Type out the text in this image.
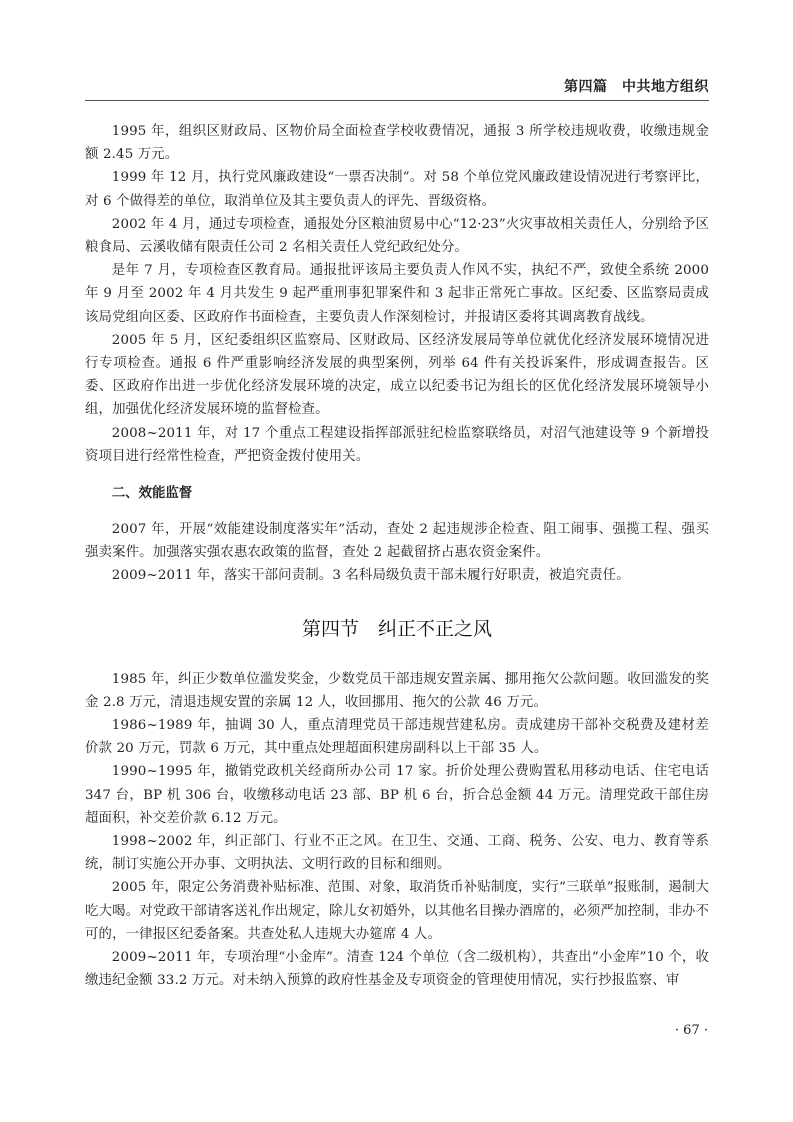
第四篇　中共地方组织

1995 年，组织区财政局、区物价局全面检查学校收费情况，通报 3 所学校违规收费，收缴违规金额 2.45 万元。

1999 年 12 月，执行党风廉政建设“一票否决制”。对 58 个单位党风廉政建设情况进行考察评比，对 6 个做得差的单位，取消单位及其主要负责人的评先、晋级资格。

2002 年 4 月，通过专项检查，通报处分区粮油贸易中心“12·23”火灾事故相关责任人，分别给予区粮食局、云溪收储有限责任公司 2 名相关责任人党纪政纪处分。

是年 7 月，专项检查区教育局。通报批评该局主要负责人作风不实，执纪不严，致使全系统 2000 年 9 月至 2002 年 4 月共发生 9 起严重刑事犯罪案件和 3 起非正常死亡事故。区纪委、区监察局责成该局党组向区委、区政府作书面检查，主要负责人作深刻检讨，并报请区委将其调离教育战线。

2005 年 5 月，区纪委组织区监察局、区财政局、区经济发展局等单位就优化经济发展环境情况进行专项检查。通报 6 件严重影响经济发展的典型案例，列举 64 件有关投诉案件，形成调查报告。区委、区政府作出进一步优化经济发展环境的决定，成立以纪委书记为组长的区优化经济发展环境领导小组，加强优化经济发展环境的监督检查。

2008~2011 年，对 17 个重点工程建设指挥部派驻纪检监察联络员，对沼气池建设等 9 个新增投资项目进行经常性检查，严把资金拨付使用关。

二、效能监督

2007 年，开展“效能建设制度落实年”活动，查处 2 起违规涉企检查、阻工闹事、强揽工程、强买强卖案件。加强落实强农惠农政策的监督，查处 2 起截留挤占惠农资金案件。

2009~2011 年，落实干部问责制。3 名科局级负责干部未履行好职责，被追究责任。

第四节　纠正不正之风

1985 年，纠正少数单位滥发奖金，少数党员干部违规安置亲属、挪用拖欠公款问题。收回滥发的奖金 2.8 万元，清退违规安置的亲属 12 人，收回挪用、拖欠的公款 46 万元。

1986~1989 年，抽调 30 人，重点清理党员干部违规营建私房。责成建房干部补交税费及建材差价款 20 万元，罚款 6 万元，其中重点处理超面积建房副科以上干部 35 人。

1990~1995 年，撤销党政机关经商所办公司 17 家。折价处理公费购置私用移动电话、住宅电话 347 台，BP 机 306 台，收缴移动电话 23 部、BP 机 6 台，折合总金额 44 万元。清理党政干部住房超面积，补交差价款 6.12 万元。

1998~2002 年，纠正部门、行业不正之风。在卫生、交通、工商、税务、公安、电力、教育等系统，制订实施公开办事、文明执法、文明行政的目标和细则。

2005 年，限定公务消费补贴标准、范围、对象，取消货币补贴制度，实行“三联单”报账制，遏制大吃大喝。对党政干部请客送礼作出规定，除儿女初婚外，以其他名目操办酒席的，必须严加控制，非办不可的，一律报区纪委备案。共查处私人违规大办筵席 4 人。

2009~2011 年，专项治理“小金库”。清查 124 个单位（含二级机构），共查出“小金库”10 个，收缴违纪金额 33.2 万元。对未纳入预算的政府性基金及专项资金的管理使用情况，实行抄报监察、审

· 67 ·
